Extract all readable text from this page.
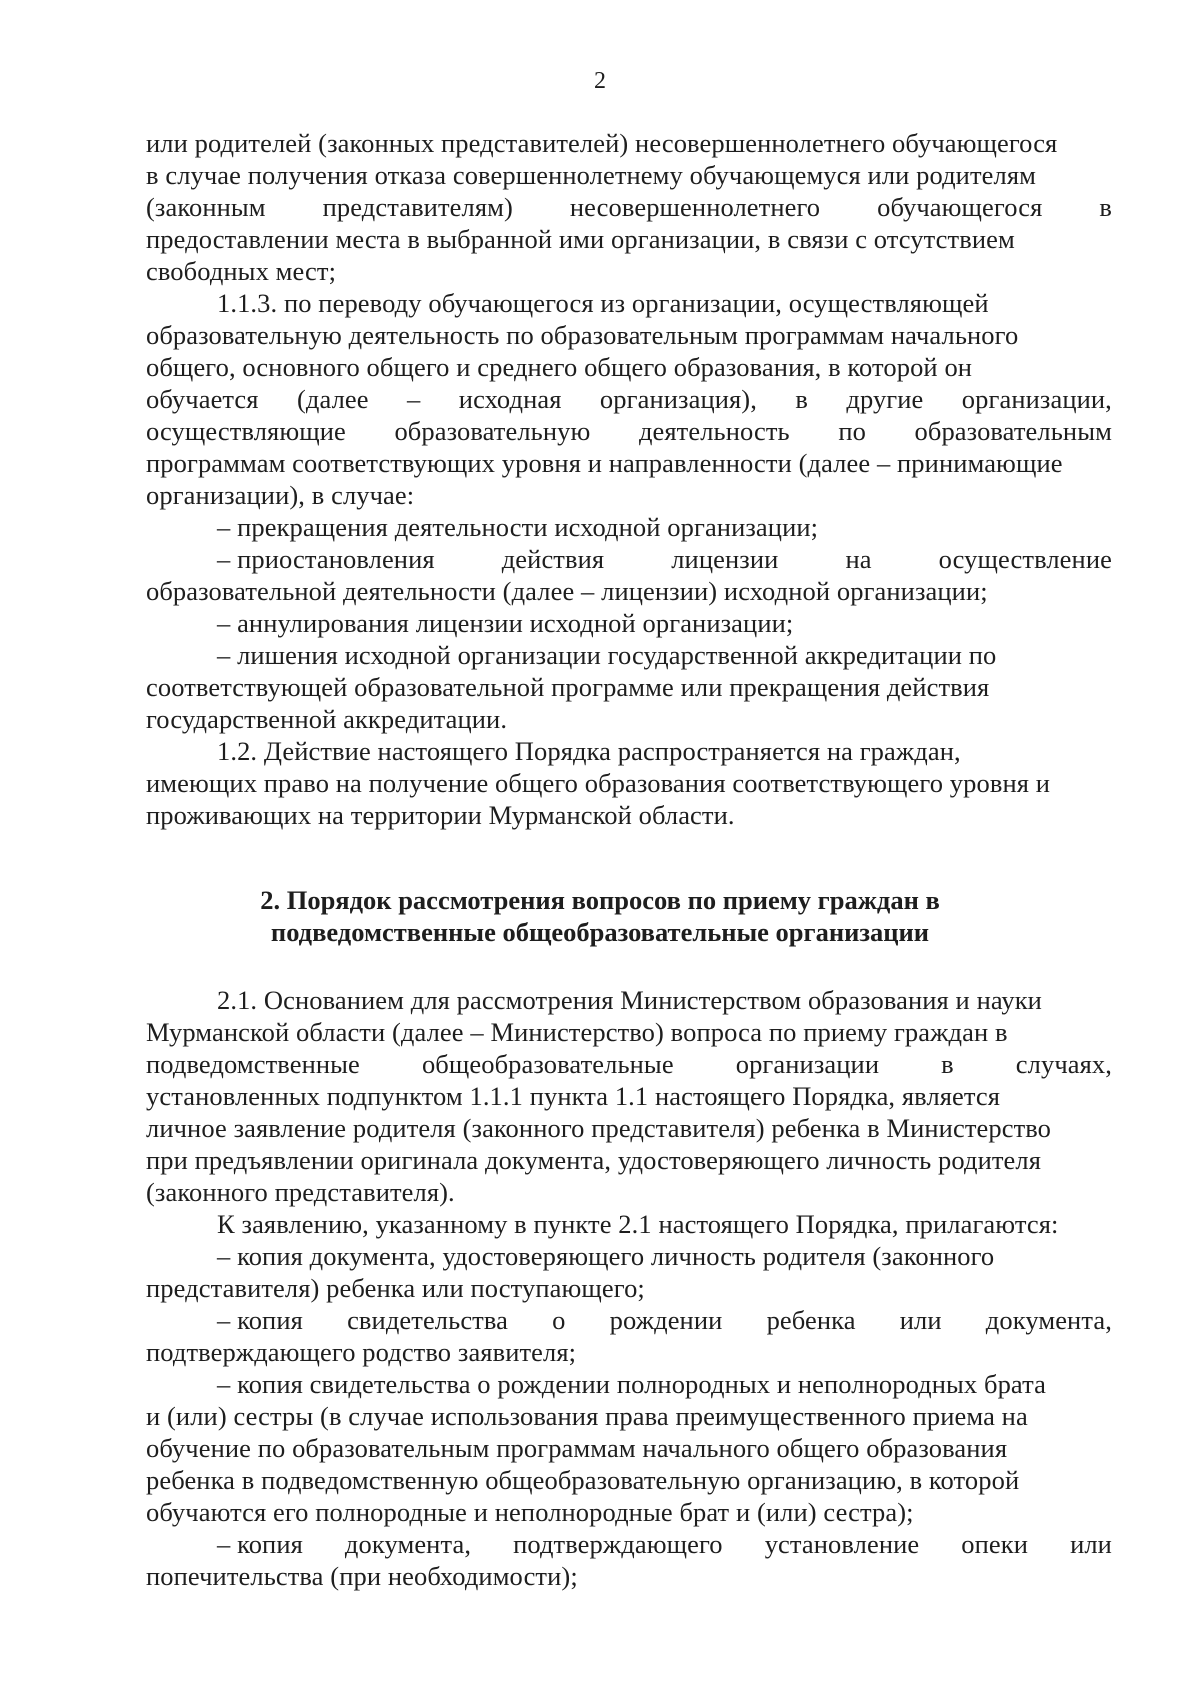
2
или родителей (законных представителей) несовершеннолетнего обучающегося
в случае получения отказа совершеннолетнему обучающемуся или родителям
(законным представителям) несовершеннолетнего обучающегося в
предоставлении места в выбранной ими организации, в связи с отсутствием
свободных мест;
1.1.3. по переводу обучающегося из организации, осуществляющей
образовательную деятельность по образовательным программам начального
общего, основного общего и среднего общего образования, в которой он
обучается (далее – исходная организация), в другие организации,
осуществляющие образовательную деятельность по образовательным
программам соответствующих уровня и направленности (далее – принимающие
организации), в случае:
– прекращения деятельности исходной организации;
– приостановления	действия	лицензии	на	осуществление
образовательной деятельности (далее – лицензии) исходной организации;
– аннулирования лицензии исходной организации;
– лишения исходной организации государственной аккредитации по
соответствующей образовательной программе или прекращения действия
государственной аккредитации.
1.2. Действие настоящего Порядка распространяется на граждан,
имеющих право на получение общего образования соответствующего уровня и
проживающих на территории Мурманской области.
2. Порядок рассмотрения вопросов по приему граждан в
подведомственные общеобразовательные организации
2.1. Основанием для рассмотрения Министерством образования и науки
Мурманской области (далее – Министерство) вопроса по приему граждан в
подведомственные общеобразовательные организации в случаях,
установленных подпунктом 1.1.1 пункта 1.1 настоящего Порядка, является
личное заявление родителя (законного представителя) ребенка в Министерство
при предъявлении оригинала документа, удостоверяющего личность родителя
(законного представителя).
К заявлению, указанному в пункте 2.1 настоящего Порядка, прилагаются:
– копия документа, удостоверяющего личность родителя (законного
представителя) ребенка или поступающего;
– копия свидетельства о рождении ребенка или документа,
подтверждающего родство заявителя;
– копия свидетельства о рождении полнородных и неполнородных брата
и (или) сестры (в случае использования права преимущественного приема на
обучение по образовательным программам начального общего образования
ребенка в подведомственную общеобразовательную организацию, в которой
обучаются его полнородные и неполнородные брат и (или) сестра);
– копия документа, подтверждающего установление опеки или
попечительства (при необходимости);
